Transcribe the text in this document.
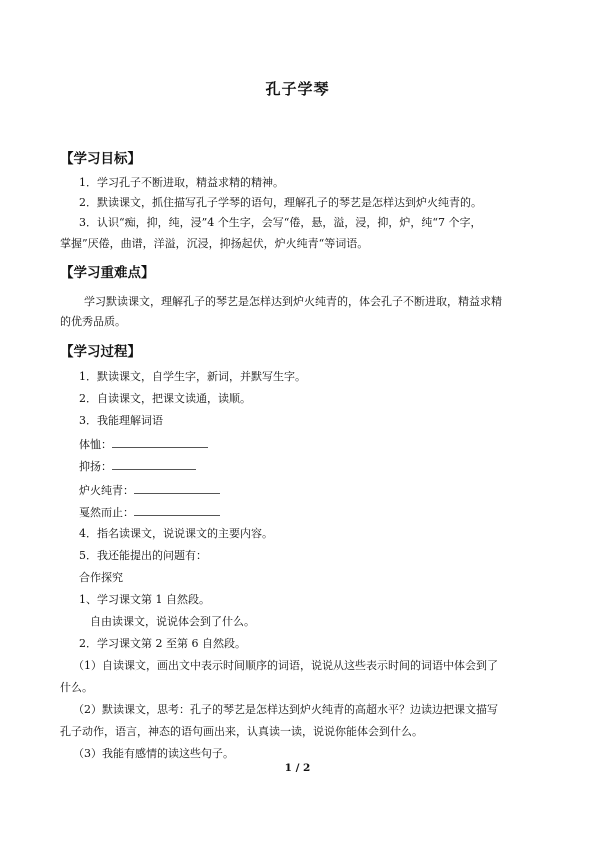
孔子学琴
【学习目标】
1．学习孔子不断进取，精益求精的精神。
2．默读课文，抓住描写孔子学琴的语句，理解孔子的琴艺是怎样达到炉火纯青的。
3．认识“痴，抑，纯，浸”4 个生字，会写“倦，悬，溢，浸，抑，炉，纯“7 个字，
掌握”厌倦，曲谱，洋溢，沉浸，抑扬起伏，炉火纯青“等词语。
【学习重难点】
学习默读课文，理解孔子的琴艺是怎样达到炉火纯青的，体会孔子不断进取，精益求精
的优秀品质。
【学习过程】
1．默读课文，自学生字，新词，并默写生字。
2．自读课文，把课文读通，读顺。
3．我能理解词语
体恤：
抑扬：
炉火纯青：
戛然而止：
4．指名读课文，说说课文的主要内容。
5．我还能提出的问题有：
合作探究
1、学习课文第 1 自然段。
自由读课文，说说体会到了什么。
2．学习课文第 2 至第 6 自然段。
（1）自读课文，画出文中表示时间顺序的词语，说说从这些表示时间的词语中体会到了
什么。
（2）默读课文，思考：孔子的琴艺是怎样达到炉火纯青的高超水平？边读边把课文描写
孔子动作，语言，神态的语句画出来，认真读一读，说说你能体会到什么。
（3）我能有感情的读这些句子。
1 / 2
